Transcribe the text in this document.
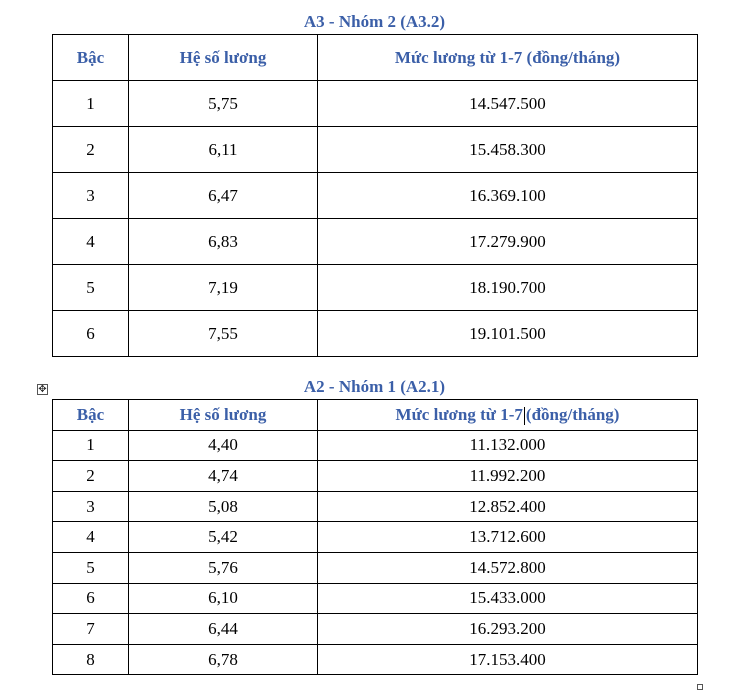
A3 - Nhóm 2 (A3.2)
Bậc	Hệ số lương	Mức lương từ 1-7 (đồng/tháng)
1	5,75	14.547.500
2	6,11	15.458.300
3	6,47	16.369.100
4	6,83	17.279.900
5	7,19	18.190.700
6	7,55	19.101.500
✥	A2 - Nhóm 1 (A2.1)
Bậc	Hệ số lương	Mức lương từ 1-7 (đồng/tháng)
1	4,40	11.132.000
2	4,74	11.992.200
3	5,08	12.852.400
4	5,42	13.712.600
5	5,76	14.572.800
6	6,10	15.433.000
7	6,44	16.293.200
8	6,78	17.153.400
